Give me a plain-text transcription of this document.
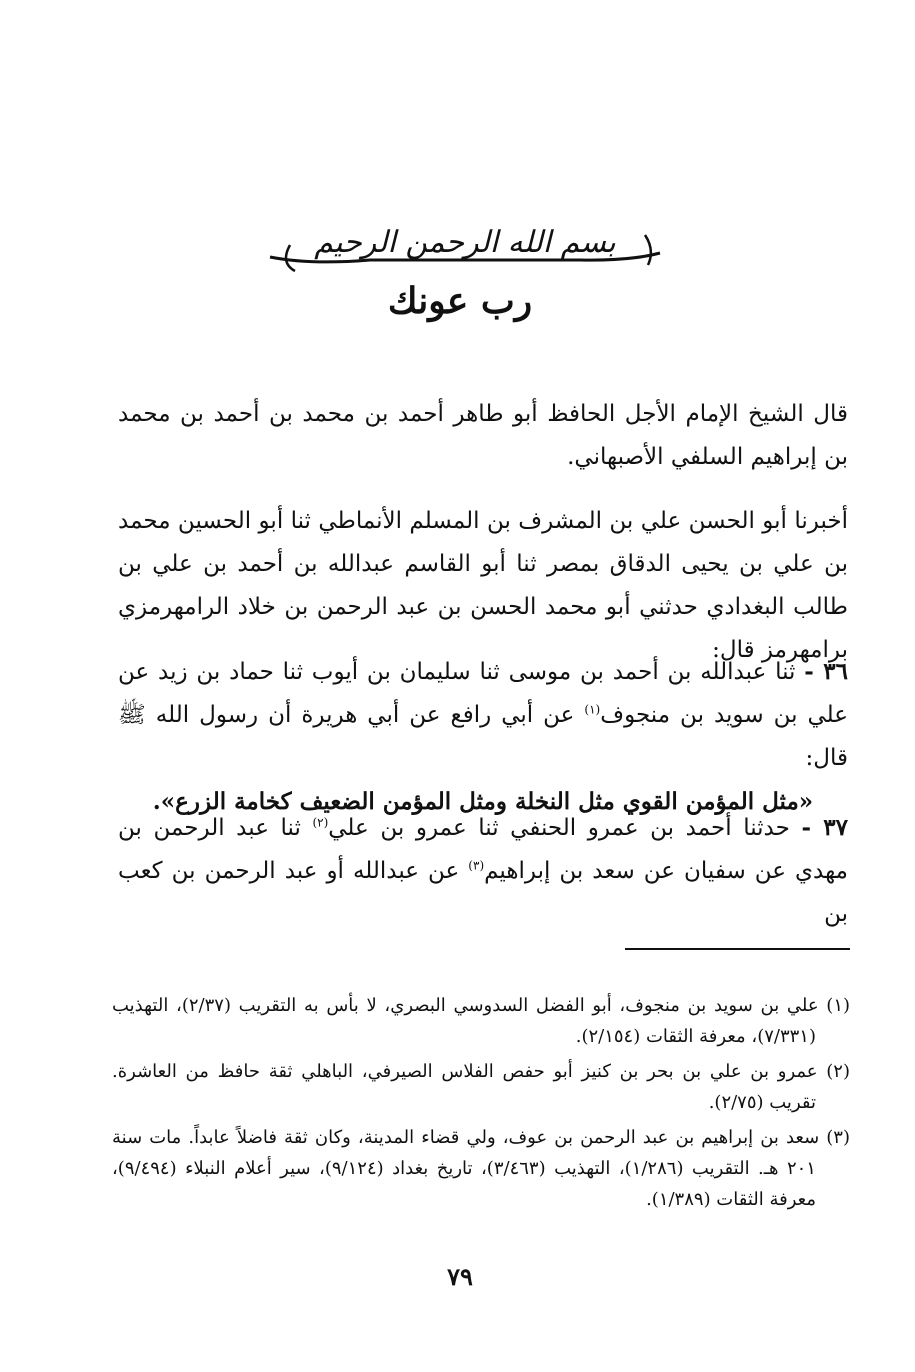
بسم الله الرحمن الرحيم
رب عونك

قال الشيخ الإمام الأجل الحافظ أبو طاهر أحمد بن محمد بن أحمد بن محمد بن إبراهيم السلفي الأصبهاني.

أخبرنا أبو الحسن علي بن المشرف بن المسلم الأنماطي ثنا أبو الحسين محمد بن علي بن يحيى الدقاق بمصر ثنا أبو القاسم عبدالله بن أحمد بن علي بن طالب البغدادي حدثني أبو محمد الحسن بن عبد الرحمن بن خلاد الرامهرمزي برامهرمز قال:

٣٦ - ثنا عبدالله بن أحمد بن موسى ثنا سليمان بن أيوب ثنا حماد بن زيد عن علي بن سويد بن منجوف$^{(١)}$ عن أبي رافع عن أبي هريرة أن رسول الله ﷺ قال:
«مثل المؤمن القوي مثل النخلة ومثل المؤمن الضعيف كخامة الزرع».

٣٧ - حدثنا أحمد بن عمرو الحنفي ثنا عمرو بن علي$^{(٢)}$ ثنا عبد الرحمن بن مهدي عن سفيان عن سعد بن إبراهيم$^{(٣)}$ عن عبدالله أو عبد الرحمن بن كعب بن

(١) علي بن سويد بن منجوف، أبو الفضل السدوسي البصري، لا بأس به التقريب (٢/٣٧)، التهذيب (٧/٣٣١)، معرفة الثقات (٢/١٥٤).

(٢) عمرو بن علي بن بحر بن كنيز أبو حفص الفلاس الصيرفي، الباهلي ثقة حافظ من العاشرة. تقريب (٢/٧٥).

(٣) سعد بن إبراهيم بن عبد الرحمن بن عوف، ولي قضاء المدينة، وكان ثقة فاضلاً عابداً. مات سنة ٢٠١ هـ. التقريب (١/٢٨٦)، التهذيب (٣/٤٦٣)، تاريخ بغداد (٩/١٢٤)، سير أعلام النبلاء (٩/٤٩٤)، معرفة الثقات (١/٣٨٩).

٧٩
